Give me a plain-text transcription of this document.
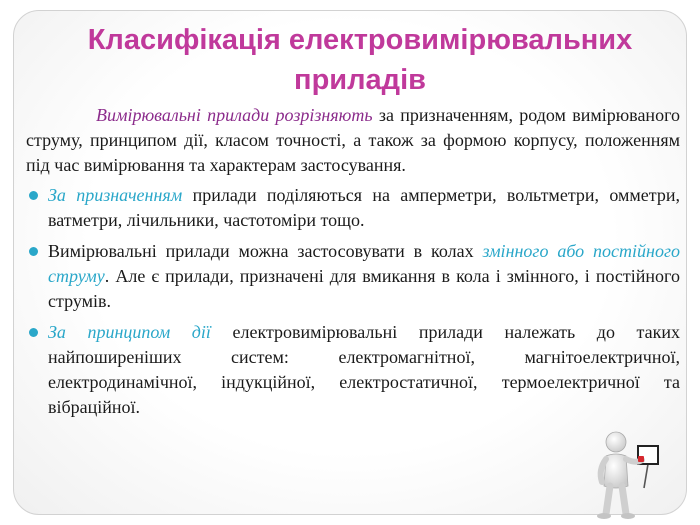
Класифікація електровимірювальних
приладів

Вимірювальні прилади розрізняють за призначенням, родом вимірюваного струму, принципом дії, класом точності, а також за формою корпусу, положенням під час вимірювання та характерам застосування.

За призначенням прилади поділяються на амперметри, вольтметри, омметри, ватметри, лічильники, частотоміри тощо.
Вимірювальні прилади можна застосовувати в колах змінного або постійного струму. Але є прилади, призначені для вмикання в кола і змінного, і постійного струмів.
За принципом дії електровимірювальні прилади належать до таких найпоширеніших систем: електромагнітної, магнітоелектричної, електродинамічної, індукційної, електростатичної, термоелектричної та вібраційної.
